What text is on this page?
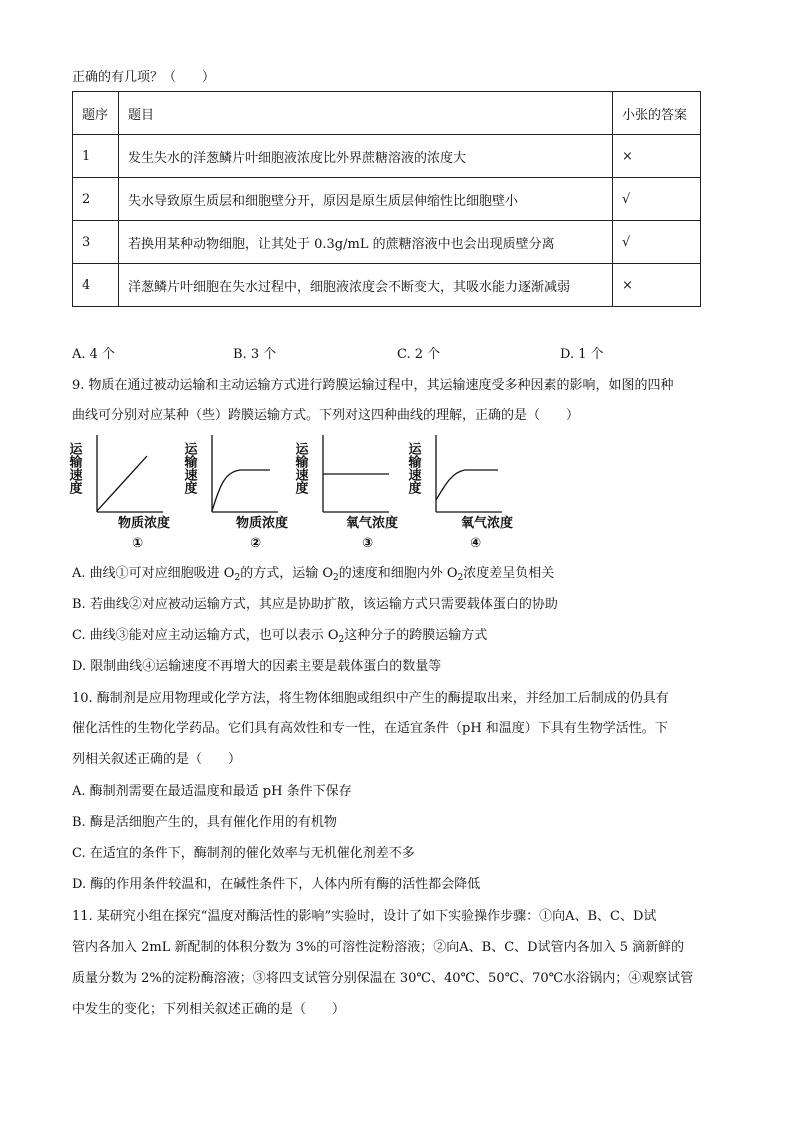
正确的有几项？（　　）
题序	题目	小张的答案
1	发生失水的洋葱鳞片叶细胞液浓度比外界蔗糖溶液的浓度大	×
2	失水导致原生质层和细胞壁分开，原因是原生质层伸缩性比细胞壁小	√
3	若换用某种动物细胞，让其处于 0.3g/mL 的蔗糖溶液中也会出现质壁分离	√
4	洋葱鳞片叶细胞在失水过程中，细胞液浓度会不断变大，其吸水能力逐渐减弱	×
A. 4 个	B. 3 个	C. 2 个	D. 1 个
9. 物质在通过被动运输和主动运输方式进行跨膜运输过程中，其运输速度受多种因素的影响，如图的四种
曲线可分别对应某种（些）跨膜运输方式。下列对这四种曲线的理解，正确的是（　　）
运输速度
物质浓度
①
运输速度
物质浓度
②
运输速度
氧气浓度
③
运输速度
氧气浓度
④
A. 曲线①可对应细胞吸进 $O_2$的方式，运输 $O_2$的速度和细胞内外 $O_2$浓度差呈负相关
B. 若曲线②对应被动运输方式，其应是协助扩散，该运输方式只需要载体蛋白的协助
C. 曲线③能对应主动运输方式，也可以表示 $O_2$这种分子的跨膜运输方式
D. 限制曲线④运输速度不再增大的因素主要是载体蛋白的数量等
10. 酶制剂是应用物理或化学方法，将生物体细胞或组织中产生的酶提取出来，并经加工后制成的仍具有
催化活性的生物化学药品。它们具有高效性和专一性，在适宜条件（pH 和温度）下具有生物学活性。下
列相关叙述正确的是（　　）
A. 酶制剂需要在最适温度和最适 pH 条件下保存
B. 酶是活细胞产生的，具有催化作用的有机物
C. 在适宜的条件下，酶制剂的催化效率与无机催化剂差不多
D. 酶的作用条件较温和，在碱性条件下，人体内所有酶的活性都会降低
11. 某研究小组在探究“温度对酶活性的影响”实验时，设计了如下实验操作步骤：①向A、B、C、D试
管内各加入 2mL 新配制的体积分数为 3%的可溶性淀粉溶液；②向A、B、C、D试管内各加入 5 滴新鲜的
质量分数为 2%的淀粉酶溶液；③将四支试管分别保温在 30℃、40℃、50℃、70℃水浴锅内；④观察试管
中发生的变化；下列相关叙述正确的是（　　）
